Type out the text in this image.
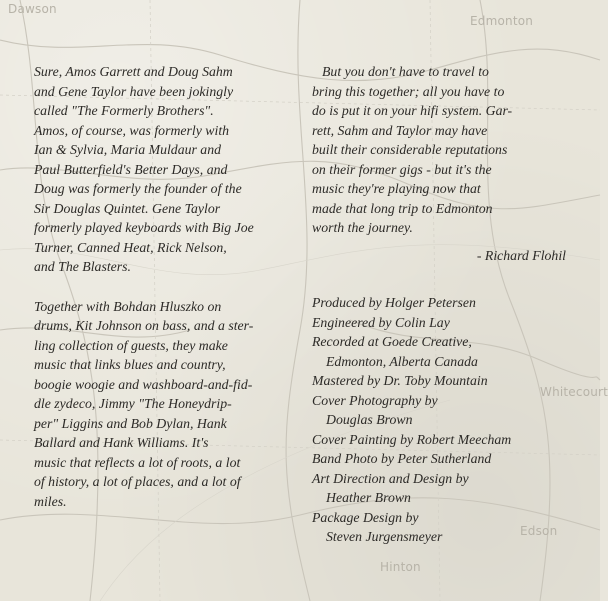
Dawson
Edmonton
Whitecourt
Hinton
Edson

Sure, Amos Garrett and Doug Sahm
and Gene Taylor have been jokingly
called "The Formerly Brothers".
Amos, of course, was formerly with
Ian & Sylvia, Maria Muldaur and
Paul Butterfield's Better Days, and
Doug was formerly the founder of the
Sir Douglas Quintet. Gene Taylor
formerly played keyboards with Big Joe
Turner, Canned Heat, Rick Nelson,
and The Blasters.

Together with Bohdan Hluszko on
drums, Kit Johnson on bass, and a ster-
ling collection of guests, they make
music that links blues and country,
boogie woogie and washboard-and-fid-
dle zydeco, Jimmy "The Honeydrip-
per" Liggins and Bob Dylan, Hank
Ballard and Hank Williams. It's
music that reflects a lot of roots, a lot
of history, a lot of places, and a lot of
miles.

But you don't have to travel to
bring this together; all you have to
do is put it on your hifi system. Gar-
rett, Sahm and Taylor may have
built their considerable reputations
on their former gigs - but it's the
music they're playing now that
made that long trip to Edmonton
worth the journey.

- Richard Flohil
Produced by Holger Petersen
Engineered by Colin Lay
Recorded at Goede Creative,
Edmonton, Alberta Canada
Mastered by Dr. Toby Mountain
Cover Photography by
Douglas Brown
Cover Painting by Robert Meecham
Band Photo by Peter Sutherland
Art Direction and Design by
Heather Brown
Package Design by
Steven Jurgensmeyer
